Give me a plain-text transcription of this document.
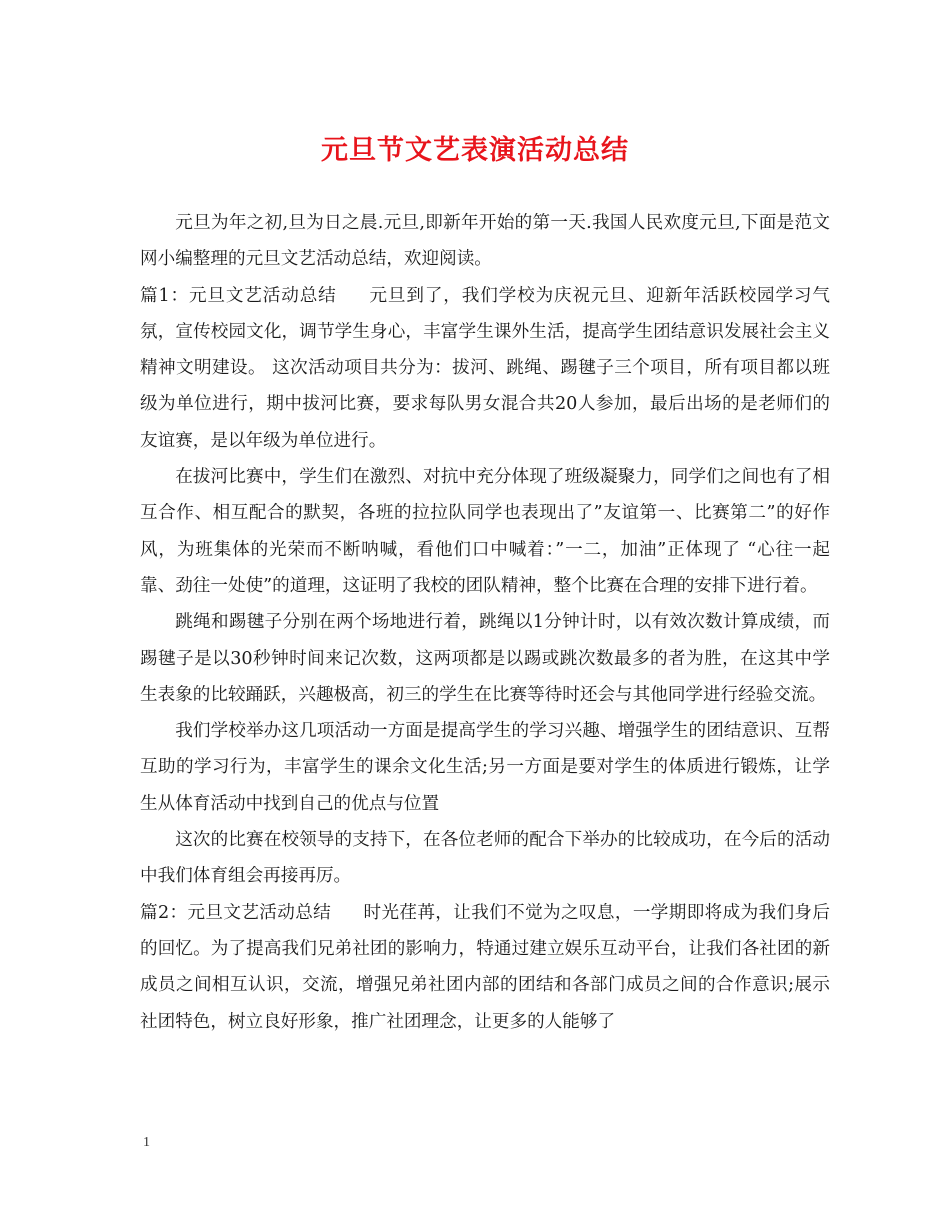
元旦节文艺表演活动总结

元旦为年之初,旦为日之晨.元旦,即新年开始的第一天.我国人民欢度元旦,下面是范文网小编整理的元旦文艺活动总结，欢迎阅读。

篇1：元旦文艺活动总结 元旦到了，我们学校为庆祝元旦、迎新年活跃校园学习气氛，宣传校园文化，调节学生身心，丰富学生课外生活，提高学生团结意识发展社会主义精神文明建设。 这次活动项目共分为：拔河、跳绳、踢毽子三个项目，所有项目都以班级为单位进行，期中拔河比赛，要求每队男女混合共20人参加，最后出场的是老师们的友谊赛，是以年级为单位进行。

在拔河比赛中，学生们在激烈、对抗中充分体现了班级凝聚力，同学们之间也有了相互合作、相互配合的默契，各班的拉拉队同学也表现出了”友谊第一、比赛第二”的好作风，为班集体的光荣而不断呐喊，看他们口中喊着：”一二，加油”正体现了 “心往一起靠、劲往一处使”的道理，这证明了我校的团队精神，整个比赛在合理的安排下进行着。

跳绳和踢毽子分别在两个场地进行着，跳绳以1分钟计时，以有效次数计算成绩，而踢毽子是以30秒钟时间来记次数，这两项都是以踢或跳次数最多的者为胜，在这其中学生表象的比较踊跃，兴趣极高，初三的学生在比赛等待时还会与其他同学进行经验交流。

我们学校举办这几项活动一方面是提高学生的学习兴趣、增强学生的团结意识、互帮互助的学习行为，丰富学生的课余文化生活;另一方面是要对学生的体质进行锻炼，让学生从体育活动中找到自己的优点与位置

这次的比赛在校领导的支持下，在各位老师的配合下举办的比较成功，在今后的活动中我们体育组会再接再厉。

篇2：元旦文艺活动总结 时光荏苒，让我们不觉为之叹息，一学期即将成为我们身后的回忆。为了提高我们兄弟社团的影响力，特通过建立娱乐互动平台，让我们各社团的新成员之间相互认识，交流，增强兄弟社团内部的团结和各部门成员之间的合作意识;展示社团特色，树立良好形象，推广社团理念，让更多的人能够了

1
